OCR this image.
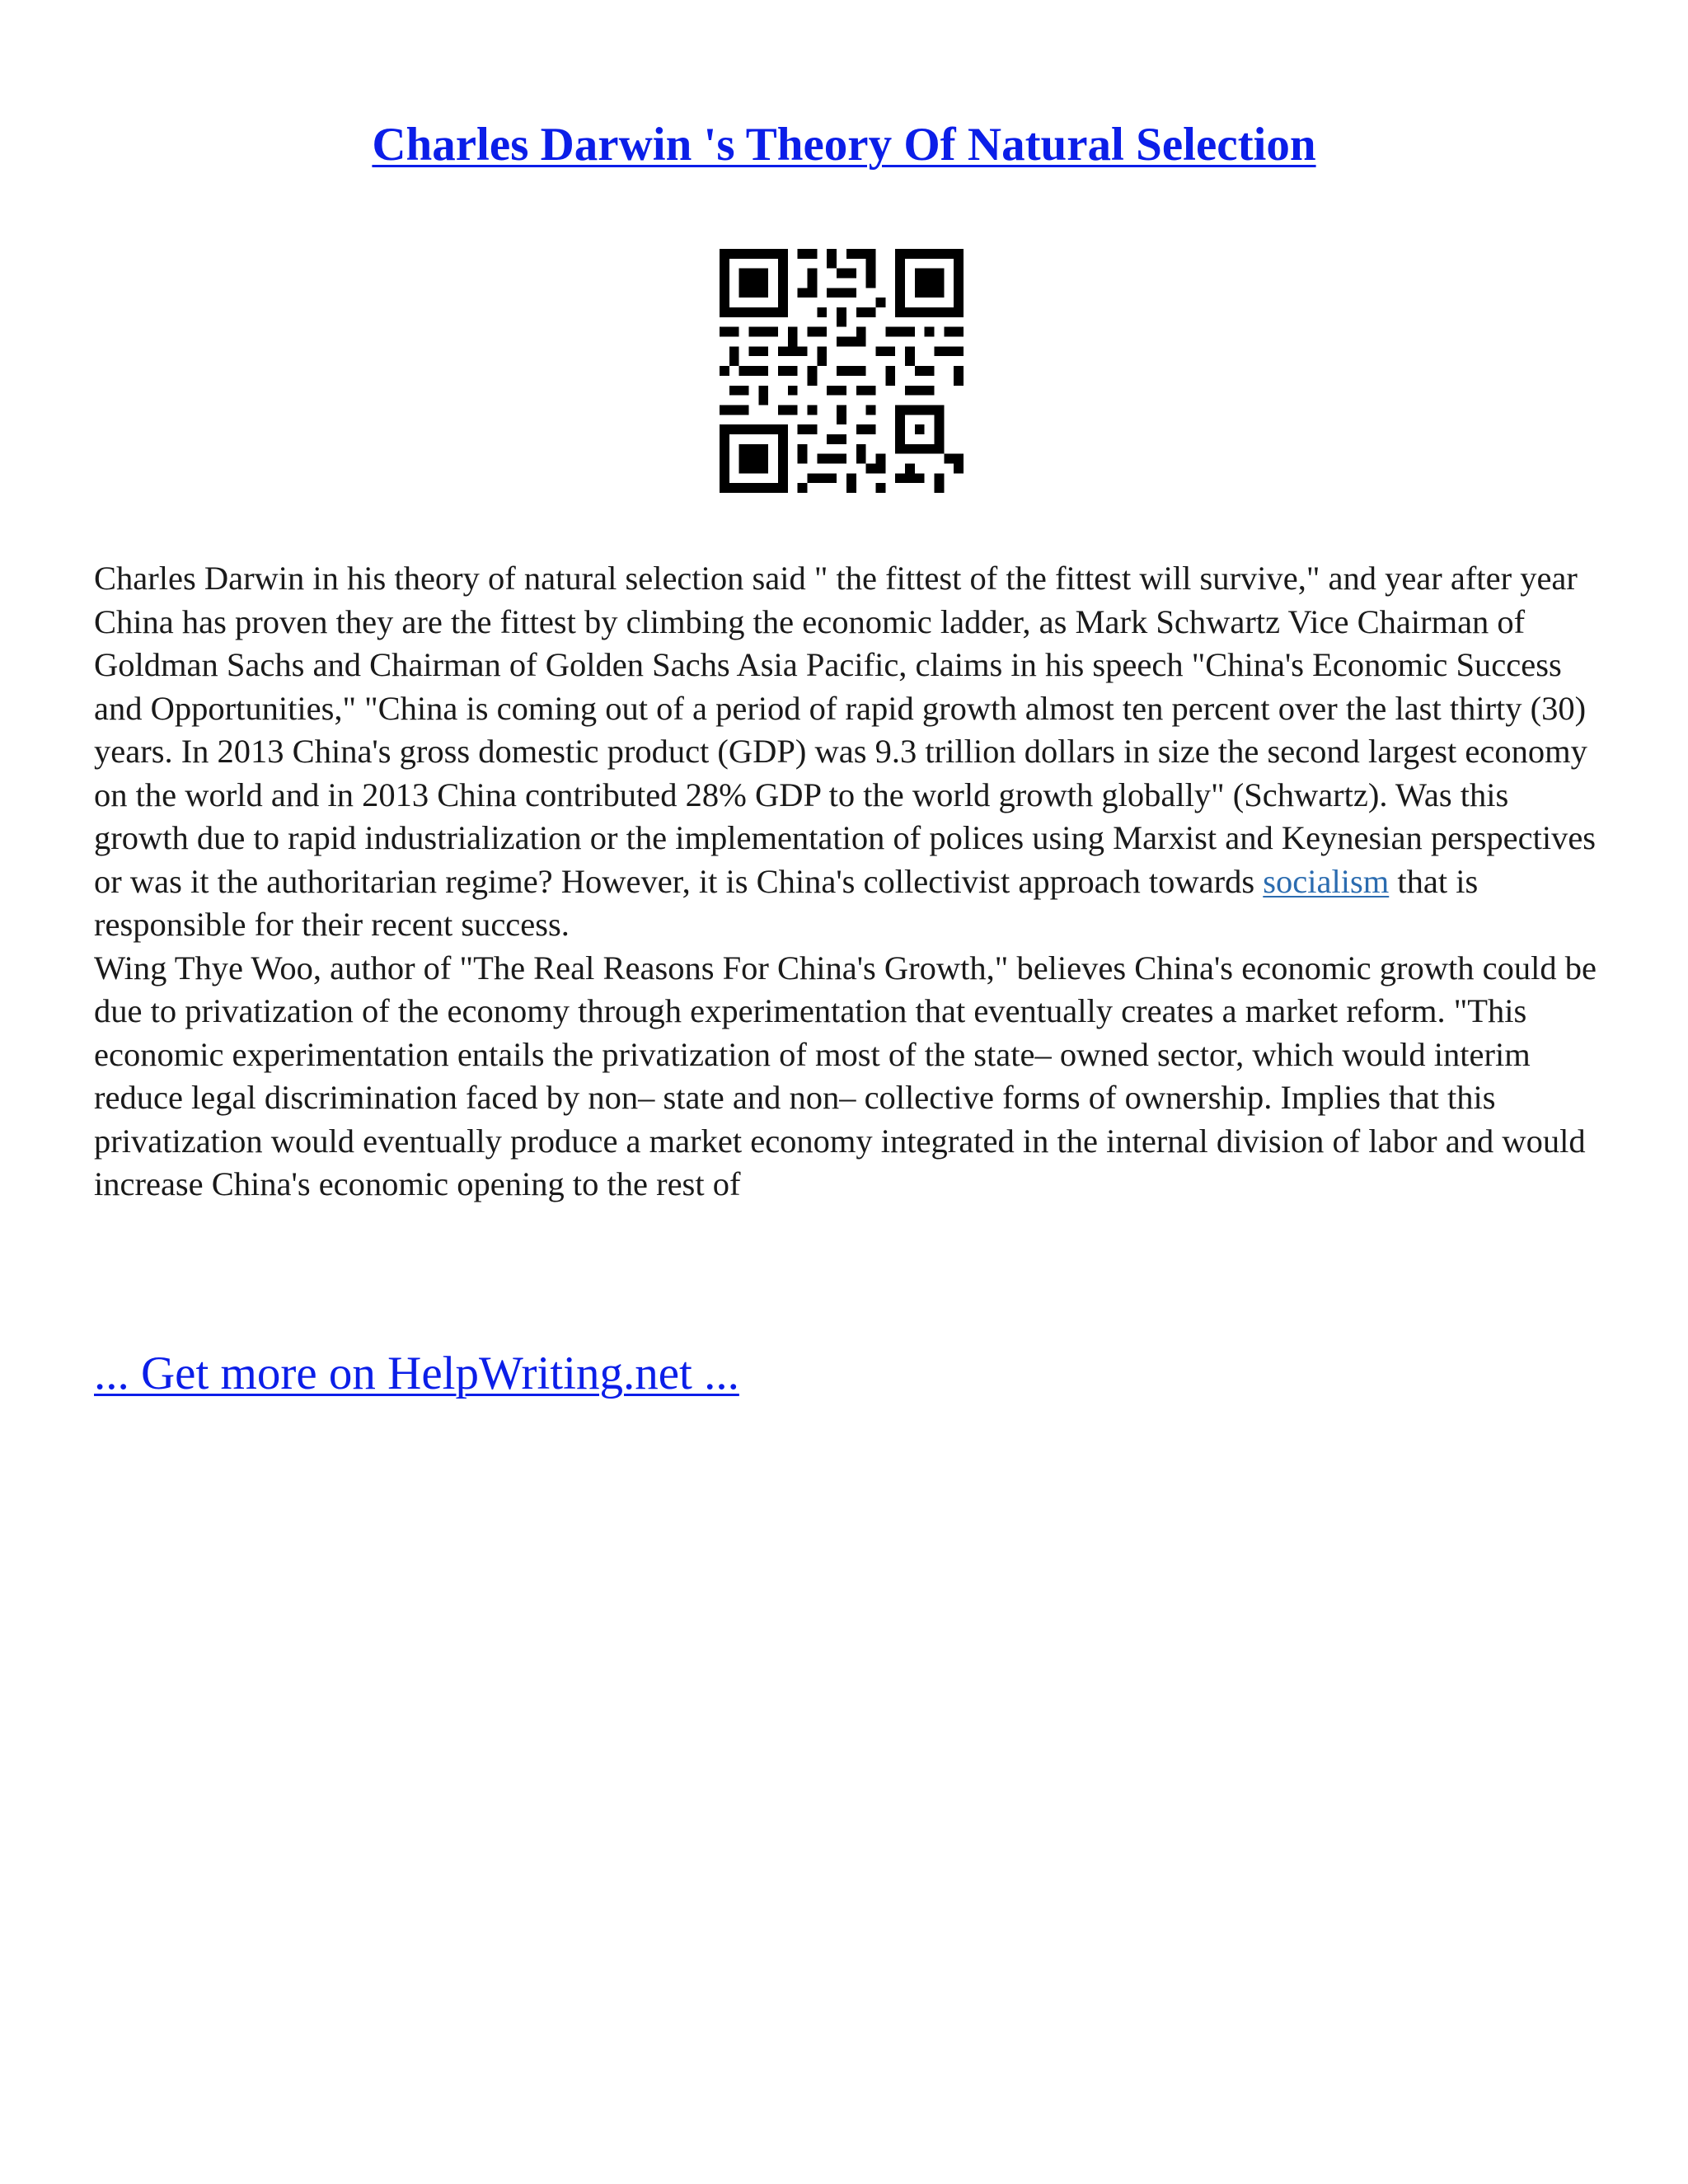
Charles Darwin 's Theory Of Natural Selection

Charles Darwin in his theory of natural selection said " the fittest of the fittest will survive," and year after year China has proven they are the fittest by climbing the economic ladder, as Mark Schwartz Vice Chairman of Goldman Sachs and Chairman of Golden Sachs Asia Pacific, claims in his speech "China's Economic Success and Opportunities," "China is coming out of a period of rapid growth almost ten percent over the last thirty (30) years. In 2013 China's gross domestic product (GDP) was 9.3 trillion dollars in size the second largest economy on the world and in 2013 China contributed 28% GDP to the world growth globally" (Schwartz). Was this growth due to rapid industrialization or the implementation of polices using Marxist and Keynesian perspectives or was it the authoritarian regime? However, it is China's collectivist approach towards socialism that is responsible for their recent success.

Wing Thye Woo, author of "The Real Reasons For China's Growth," believes China's economic growth could be due to privatization of the economy through experimentation that eventually creates a market reform. "This economic experimentation entails the privatization of most of the state– owned sector, which would interim reduce legal discrimination faced by non– state and non– collective forms of ownership. Implies that this privatization would eventually produce a market economy integrated in the internal division of labor and would increase China's economic opening to the rest of

... Get more on HelpWriting.net ...
